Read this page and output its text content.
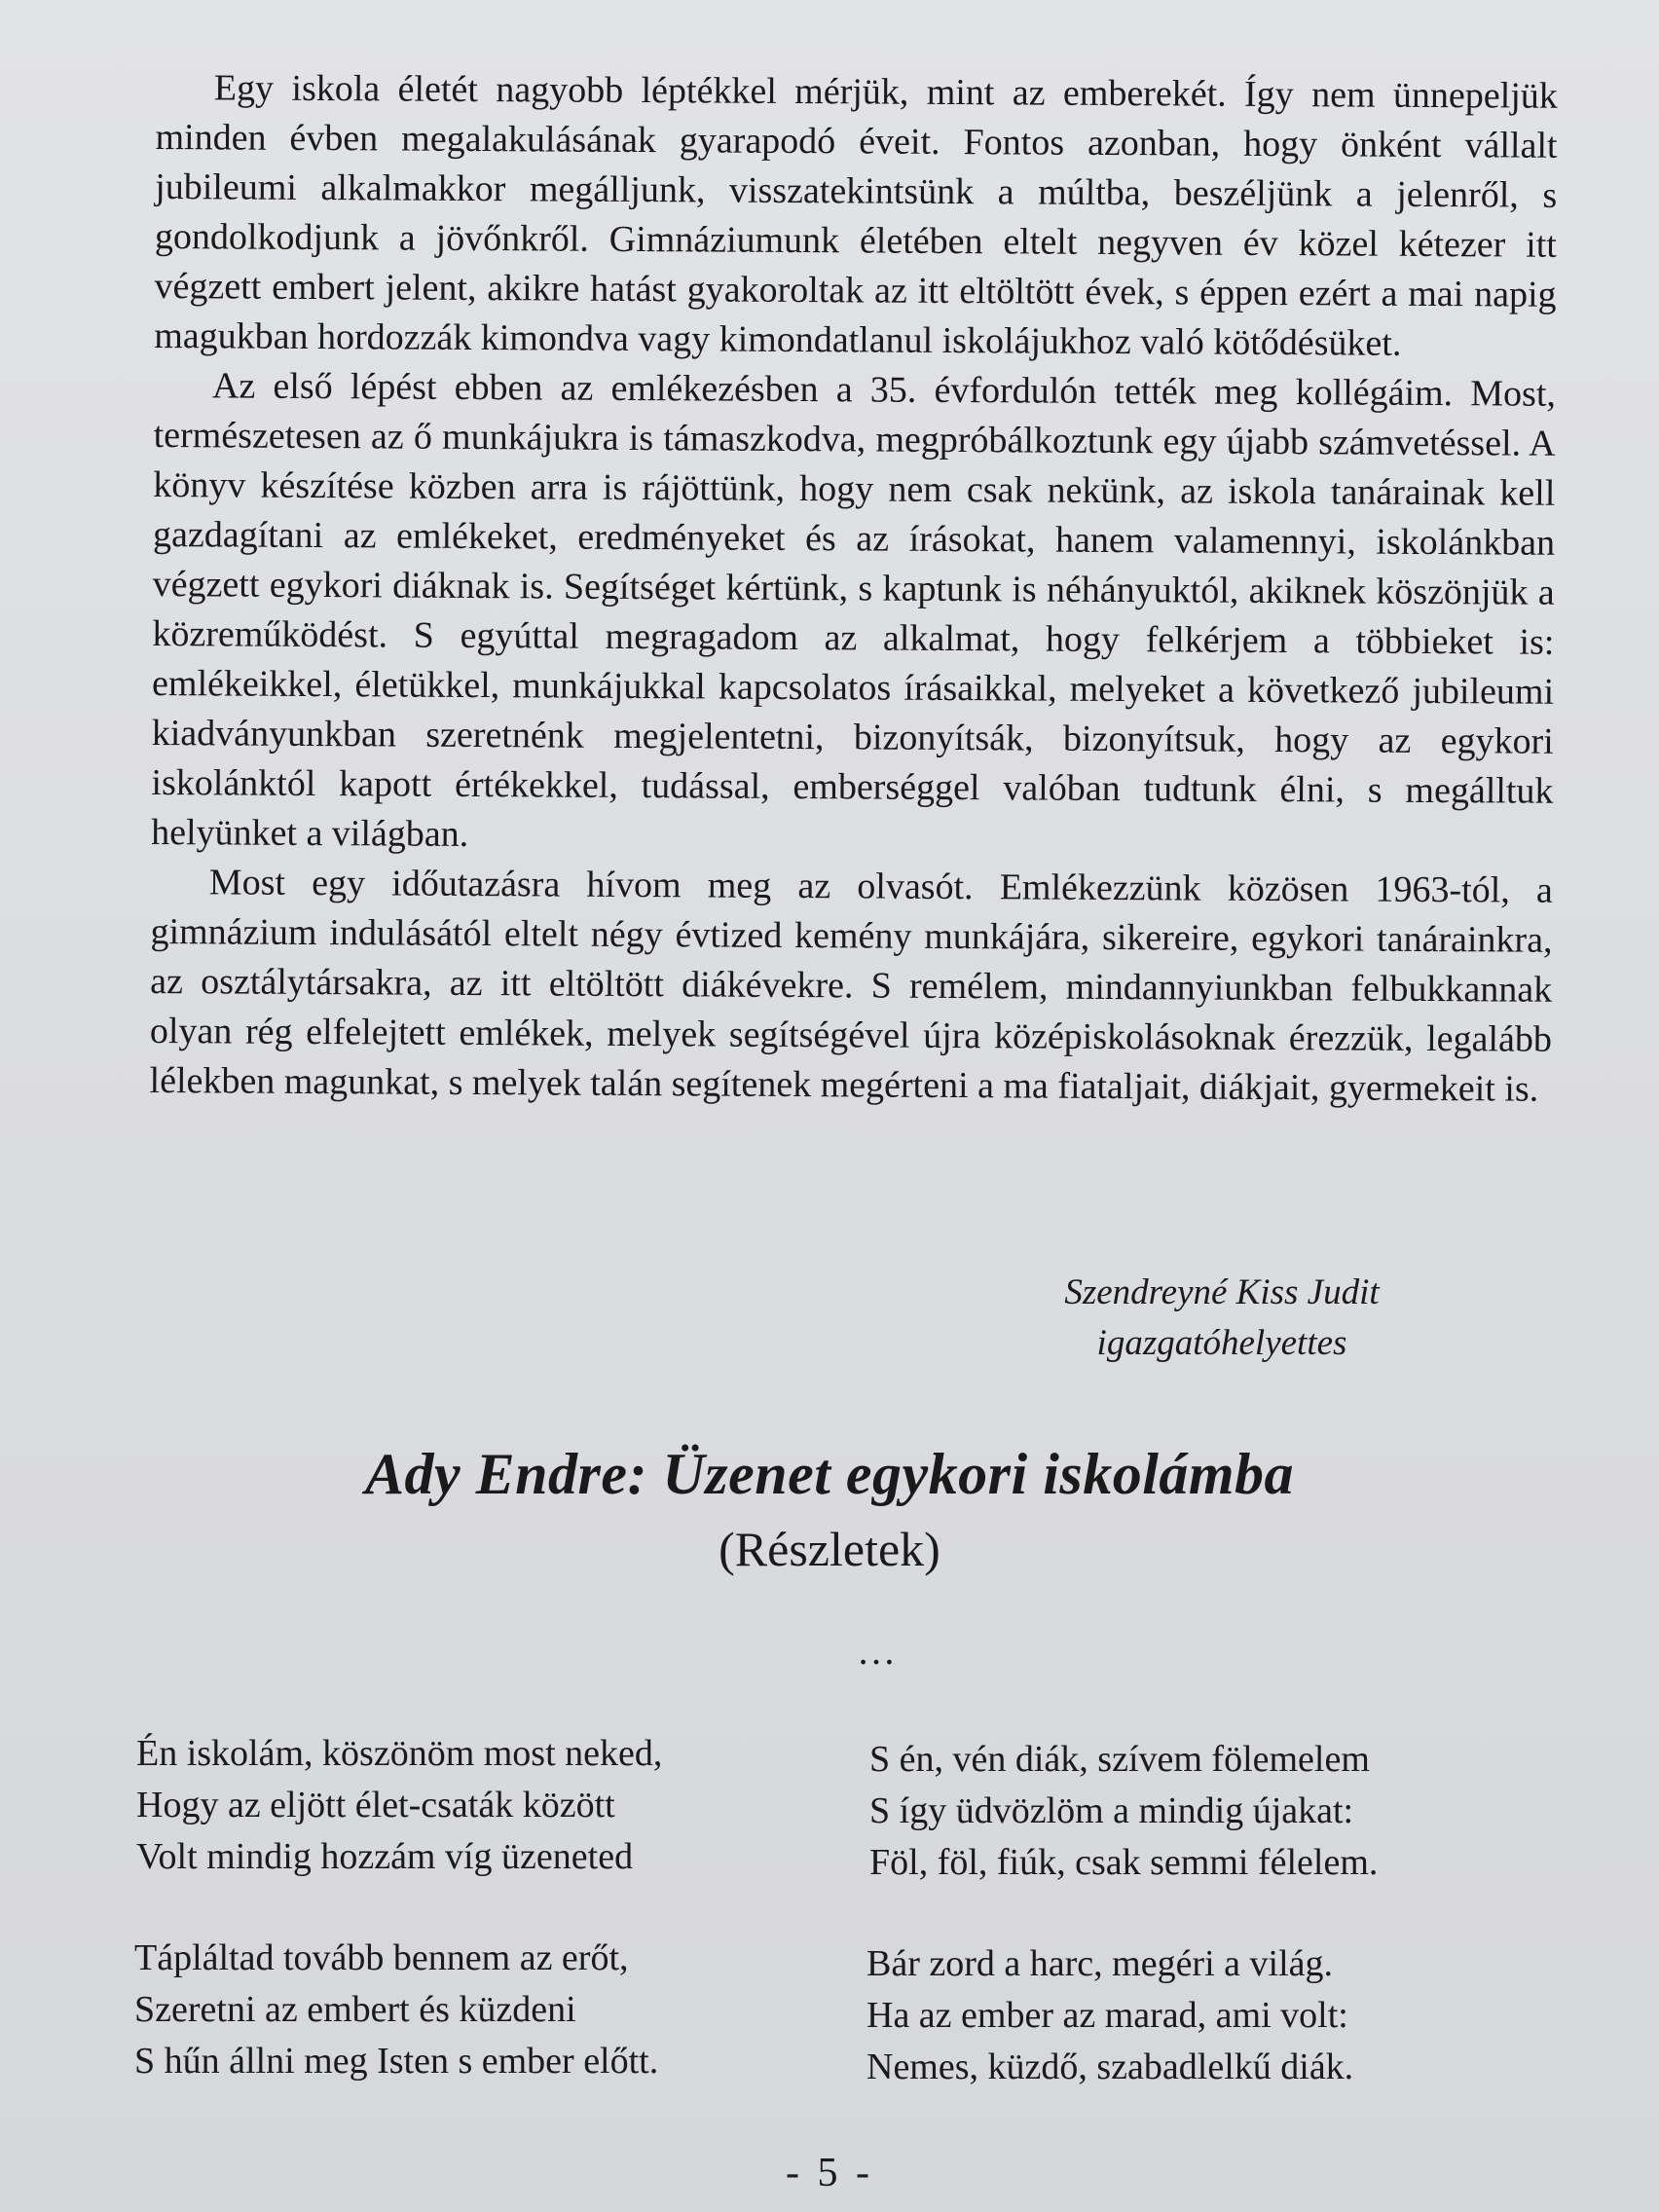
Egy iskola életét nagyobb léptékkel mérjük, mint az emberekét. Így nem ünnepeljük minden évben megalakulásának gyarapodó éveit. Fontos azonban, hogy önként vállalt jubileumi alkalmakkor megálljunk, visszatekintsünk a múltba, beszéljünk a jelenről, s gondolkodjunk a jövőnkről. Gimnáziumunk életében eltelt negyven év közel kétezer itt végzett embert jelent, akikre hatást gyakoroltak az itt eltöltött évek, s éppen ezért a mai napig magukban hordozzák kimondva vagy kimondatlanul iskolájukhoz való kötődésüket.

Az első lépést ebben az emlékezésben a 35. évfordulón tették meg kollégáim. Most, természetesen az ő munkájukra is támaszkodva, megpróbálkoztunk egy újabb számvetéssel. A könyv készítése közben arra is rájöttünk, hogy nem csak nekünk, az iskola tanárainak kell gazdagítani az emlékeket, eredményeket és az írásokat, hanem valamennyi, iskolánkban végzett egykori diáknak is. Segítséget kértünk, s kaptunk is néhányuktól, akiknek köszönjük a közreműködést. S egyúttal megragadom az alkalmat, hogy felkérjem a többieket is: emlékeikkel, életükkel, munkájukkal kapcsolatos írásaikkal, melyeket a következő jubileumi kiadványunkban szeretnénk megjelentetni, bizonyítsák, bizonyítsuk, hogy az egykori iskolánktól kapott értékekkel, tudással, emberséggel valóban tudtunk élni, s megálltuk helyünket a világban.

Most egy időutazásra hívom meg az olvasót. Emlékezzünk közösen 1963-tól, a gimnázium indulásától eltelt négy évtized kemény munkájára, sikereire, egykori tanárainkra, az osztálytársakra, az itt eltöltött diákévekre. S remélem, mindannyiunkban felbukkannak olyan rég elfelejtett emlékek, melyek segítségével újra középiskolásoknak érezzük, legalább lélekben magunkat, s melyek talán segítenek megérteni a ma fiataljait, diákjait, gyermekeit is.

Szendreyné Kiss Judit
igazgatóhelyettes
Ady Endre: Üzenet egykori iskolámba
(Részletek)
…
Én iskolám, köszönöm most neked,
Hogy az eljött élet-csaták között
Volt mindig hozzám víg üzeneted
Tápláltad tovább bennem az erőt,
Szeretni az embert és küzdeni
S hűn állni meg Isten s ember előtt.
S én, vén diák, szívem fölemelem
S így üdvözlöm a mindig újakat:
Föl, föl, fiúk, csak semmi félelem.
Bár zord a harc, megéri a világ.
Ha az ember az marad, ami volt:
Nemes, küzdő, szabadlelkű diák.
- 5 -
